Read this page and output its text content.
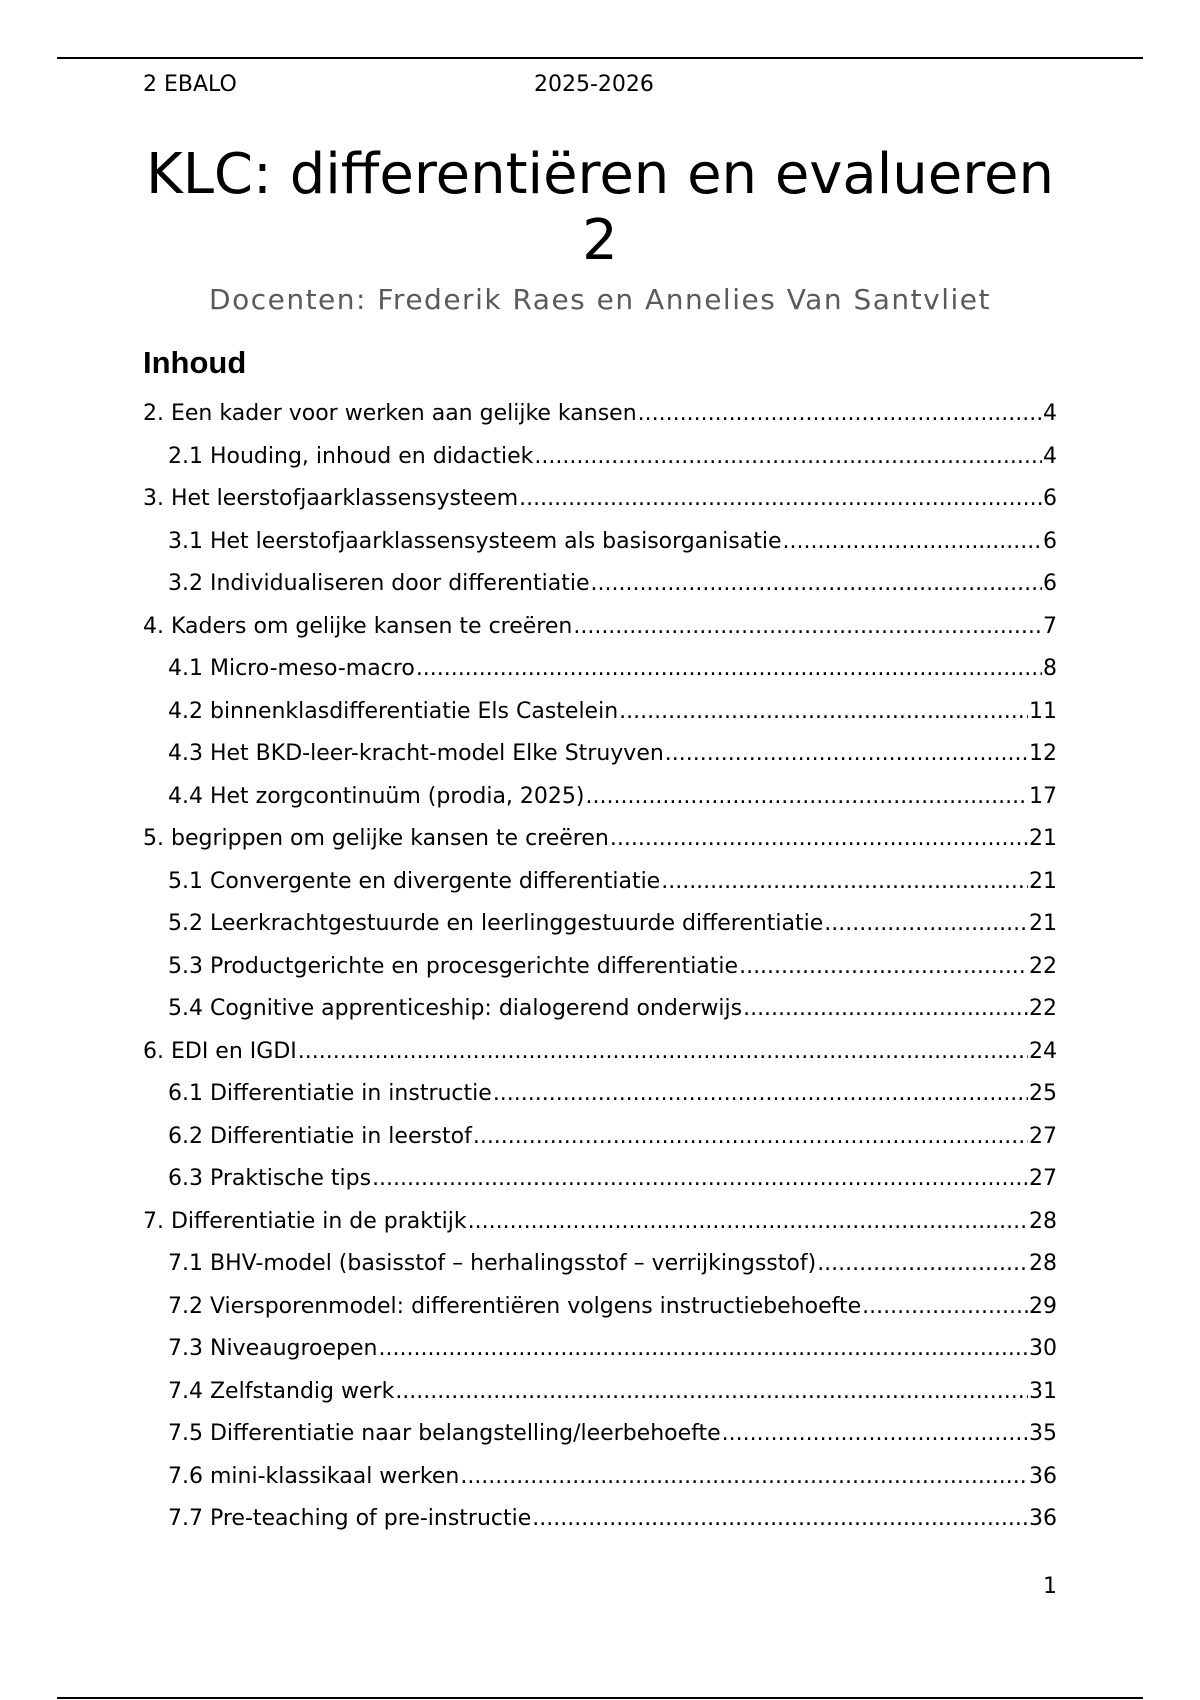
2 EBALO	2025-2026
KLC: differentiëren en evalueren
2
Docenten: Frederik Raes en Annelies Van Santvliet
Inhoud
2. Een kader voor werken aan gelijke kansen .....	4
2.1 Houding, inhoud en didactiek .....	4
3. Het leerstofjaarklassensysteem .....	6
3.1 Het leerstofjaarklassensysteem als basisorganisatie .....	6
3.2 Individualiseren door differentiatie .....	6
4. Kaders om gelijke kansen te creëren .....	7
4.1 Micro-meso-macro .....	8
4.2 binnenklasdifferentiatie Els Castelein .....	11
4.3 Het BKD-leer-kracht-model Elke Struyven .....	12
4.4 Het zorgcontinuüm (prodia, 2025) .....	17
5. begrippen om gelijke kansen te creëren .....	21
5.1 Convergente en divergente differentiatie .....	21
5.2 Leerkrachtgestuurde en leerlinggestuurde differentiatie .....	21
5.3 Productgerichte en procesgerichte differentiatie .....	22
5.4 Cognitive apprenticeship: dialogerend onderwijs .....	22
6. EDI en IGDI .....	24
6.1 Differentiatie in instructie .....	25
6.2 Differentiatie in leerstof .....	27
6.3 Praktische tips .....	27
7. Differentiatie in de praktijk .....	28
7.1 BHV-model (basisstof – herhalingsstof – verrijkingsstof) .....	28
7.2 Viersporenmodel: differentiëren volgens instructiebehoefte .....	29
7.3 Niveaugroepen .....	30
7.4 Zelfstandig werk .....	31
7.5 Differentiatie naar belangstelling/leerbehoefte .....	35
7.6 mini-klassikaal werken .....	36
7.7 Pre-teaching of pre-instructie .....	36
1
